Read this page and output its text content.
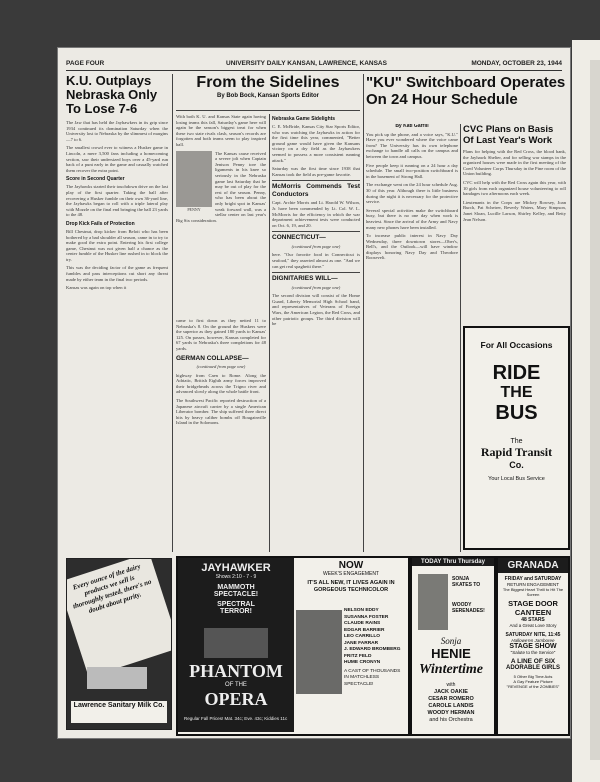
PAGE FOUR	UNIVERSITY DAILY KANSAN, LAWRENCE, KANSAS	MONDAY, OCTOBER 23, 1944
K.U. Outplays Nebraska Only To Lose 7-6

The Jaw that has held the Jayhawkers in its grip since 1934 continued its domination Saturday when the University lost to Nebraska by the slimmest of margins—7 to 6.

The smallest crowd ever to witness a Husker game in Lincoln, a mere 3,500 fans including a homecoming section, saw their undersized boys over a 45-yard run back of a punt early in the game and casually watched them recover the extra point.

Score in Second Quarter

The Jayhawks started their touchdown drive on the last play of the first quarter. Taking the ball after recovering a Husker fumble on their own 36-yard line, the Jayhawks began to roll with a triple lateral play with Mozzle on the final end bringing the ball 23 yards to the 48.

Drop Kick Fails of Protection

Bill Chestnut, drop kicker from Beloit who has been bothered by a bad shoulder all season, came in to try to make good the extra point. Entering his first college game, Chestnut was not given half a chance as the center fumble of the Husker line rushed in to block the try.

This was the deciding factor of the game as frequent fumbles and pass interceptions cut short any threat made by either team in the final two periods.

Kansas was again on top when it

Every ounce of the dairy products we sell is thoroughly tested, there's no doubt about purity.
Lawrence Sanitary Milk Co.
From the Sidelines
By Bob Bock, Kansan Sports Editor

With both K. U. and Kansas State again having losing teams this fall, Saturday's game here will again be the season's biggest treat for when these two state rivals clash, season's records are forgotten and both teams seem to play inspired ball.

PENNY

The Kansas cause received a severe jolt when Captain Jenison Penny tore the ligaments in his knee so seriously in the Nebraska game last Saturday that he may be out of play for the rest of the season. Penny, who has been about the only bright spot in Kansas' weak forward wall, was a stellar center on last year's Big Six consideration.

came to first down as they netted 11 to Nebraska's 8. On the ground the Huskers were the superior as they gained 180 yards to Kansas' 125. On passes, however, Kansas completed for 67 yards to Nebraska's three completions for 48 yards.

GERMAN COLLAPSE—

(continued from page one)

highway from Caen to Rome. Along the Adriatic, British Eighth army forces improved their bridgeheads across the Trigno river and advanced slowly along the whole battle front.

The Southwest Pacific reported destruction of a Japanese aircraft carrier by a single American Liberator bomber. The ship suffered three direct hits by heavy caliber bombs off Bougainville Island in the Solomons.

Nebraska Game Sidelights

C. E. McBride, Kansas City Star Sports Editor, who was watching the Jayhawks in action for the first time this year, commented, "Better ground game would have given the Kansans victory on a dry field as the Jayhawkers seemed to possess a more consistent running attack."

Saturday was the first time since 1938 that Kansas took the field as pre-game favorite.

McMorris Commends Test Conductors

Capt. Archie Morris and Lt. Harold W. Wilson, Jr. have been commended by Lt. Col. W. L. McMorris for the efficiency in which the war department achievement tests were conducted on Oct. 6, 19, and 20.

CONNECTICUT—

(continued from page one)

here. "Our favorite food in Connecticut is seafood," they asserted almost as one. "And we can get real spaghetti there."

DIGNITARIES WILL—

(continued from page one)

The second division will consist of the Home Guard, Liberty Memorial High School band, and representatives of Veterans of Foreign Wars, the American Legion, the Red Cross, and other patriotic groups. The third division will be

"KU" Switchboard Operates On 24 Hour Schedule
By Kati Garrill

You pick up the phone, and a voice says, "K.U." Have you ever wondered where the voice came from? The University has its own telephone exchange to handle all calls on the campus and between the town and campus.

Five people keep it running on a 24 hour a day schedule. The small two-position switchboard is in the basement of Strong Hall.

The exchange went on the 24 hour schedule Aug. 30 of this year. Although there is little business during the night it is necessary for the protective service.

Several special activities make the switchboard busy, but there is no one day when work is heaviest. Since the arrival of the Army and Navy many new phones have been installed.

To increase public interest in Navy Day Wednesday, three downtown stores—Ober's, Bell's, and the Outlook—will have window displays honoring Navy Day and Theodore Roosevelt.

CVC Plans on Basis Of Last Year's Work

Plans for helping with the Red Cross, the blood bank, the Jayhawk Shelter, and for selling war stamps in the organized houses were made in the first meeting of the Coed Volunteer Corps Thursday in the Pine room of the Union building.

CVC will help with the Red Cross again this year, with 10 girls from each organized house volunteering to roll bandages two afternoons each week.

Lieutenants in the Corps are Mickey Rowsey, Joan Burch, Pat Scheirer, Beverly Waters, Mary Simpson, Janet Sloan, Lucille Larson, Shirley Kelley, and Betty Jean Nelson.

For All Occasions
RIDE
THE
BUS
The
Rapid Transit
Co.
Your Local Bus Service
JAYHAWKER
Shows 2:10 - 7 - 9
MAMMOTH
SPECTACLE!
SPECTRAL
TERROR!
PHANTOM
OF THE
OPERA
Regular Fall Prices! Mat. 34c; Eve. 43c; Kiddies 11c
NOW
WEEK'S ENGAGEMENT
IT'S ALL NEW, IT LIVES AGAIN IN GORGEOUS TECHNICOLOR
NELSON EDDY
SUSANNA FOSTER
CLAUDE RAINS
EDGAR BARRIER
LEO CARRILLO
JANE FARRAR
J. EDWARD BROMBERG
FRITZ FELD
HUME CRONYN
A CAST OF THOUSANDS IN MATCHLESS SPECTACLE!
TODAY Thru Thursday
SONJA SKATES TO
WOODY SERENADES!
Sonja
HENIE
Wintertime
with
JACK OAKIE
CESAR ROMERO
CAROLE LANDIS
WOODY HERMAN
and his Orchestra
GRANADA
FRIDAY and SATURDAY
RETURN ENGAGEMENT
The Biggest Heart Thrill to Hit The Screen
STAGE DOOR
CANTEEN
48 STARS
And a Great Love Story
SATURDAY NITE, 11:45
Hallowe'en Jamboree
STAGE SHOW
"Salute to the Service"
A LINE OF SIX
ADORABLE GIRLS
5 Other Big Time Acts
A Gay Feature Picture
"REVENGE of the ZOMBIES"
